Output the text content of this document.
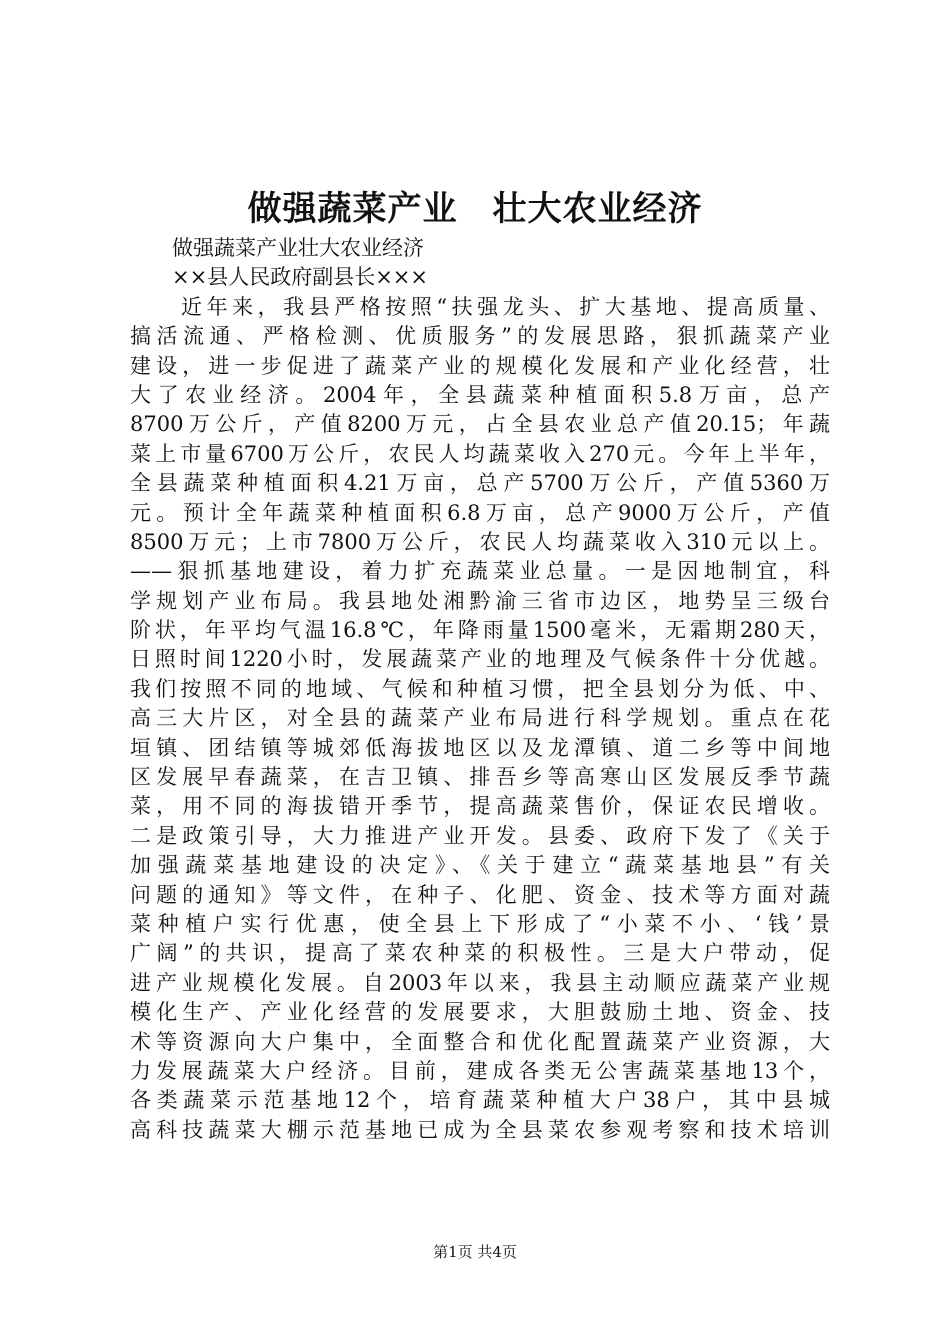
做强蔬菜产业　壮大农业经济
　　做强蔬菜产业壮大农业经济
　　××县人民政府副县长×××
　　近年来，我县严格按照“扶强龙头、扩大基地、提高质量、
搞活流通、严格检测、优质服务”的发展思路，狠抓蔬菜产业
建设，进一步促进了蔬菜产业的规模化发展和产业化经营，壮
大了农业经济。2004年，全县蔬菜种植面积5.8万亩，总产
8700万公斤，产值8200万元，占全县农业总产值20.15；年蔬
菜上市量6700万公斤，农民人均蔬菜收入270元。今年上半年，
全县蔬菜种植面积4.21万亩，总产5700万公斤，产值5360万
元。预计全年蔬菜种植面积6.8万亩，总产9000万公斤，产值
8500万元；上市7800万公斤，农民人均蔬菜收入310元以上。
——狠抓基地建设，着力扩充蔬菜业总量。一是因地制宜，科
学规划产业布局。我县地处湘黔渝三省市边区，地势呈三级台
阶状，年平均气温16.8℃，年降雨量1500毫米，无霜期280天，
日照时间1220小时，发展蔬菜产业的地理及气候条件十分优越。
我们按照不同的地域、气候和种植习惯，把全县划分为低、中、
高三大片区，对全县的蔬菜产业布局进行科学规划。重点在花
垣镇、团结镇等城郊低海拔地区以及龙潭镇、道二乡等中间地
区发展早春蔬菜，在吉卫镇、排吾乡等高寒山区发展反季节蔬
菜，用不同的海拔错开季节，提高蔬菜售价，保证农民增收。
二是政策引导，大力推进产业开发。县委、政府下发了《关于
加强蔬菜基地建设的决定》、《关于建立“蔬菜基地县”有关
问题的通知》等文件，在种子、化肥、资金、技术等方面对蔬
菜种植户实行优惠，使全县上下形成了“小菜不小、‘钱’景
广阔”的共识，提高了菜农种菜的积极性。三是大户带动，促
进产业规模化发展。自2003年以来，我县主动顺应蔬菜产业规
模化生产、产业化经营的发展要求，大胆鼓励土地、资金、技
术等资源向大户集中，全面整合和优化配置蔬菜产业资源，大
力发展蔬菜大户经济。目前，建成各类无公害蔬菜基地13个，
各类蔬菜示范基地12个，培育蔬菜种植大户38户，其中县城
高科技蔬菜大棚示范基地已成为全县菜农参观考察和技术培训
第1页 共4页
